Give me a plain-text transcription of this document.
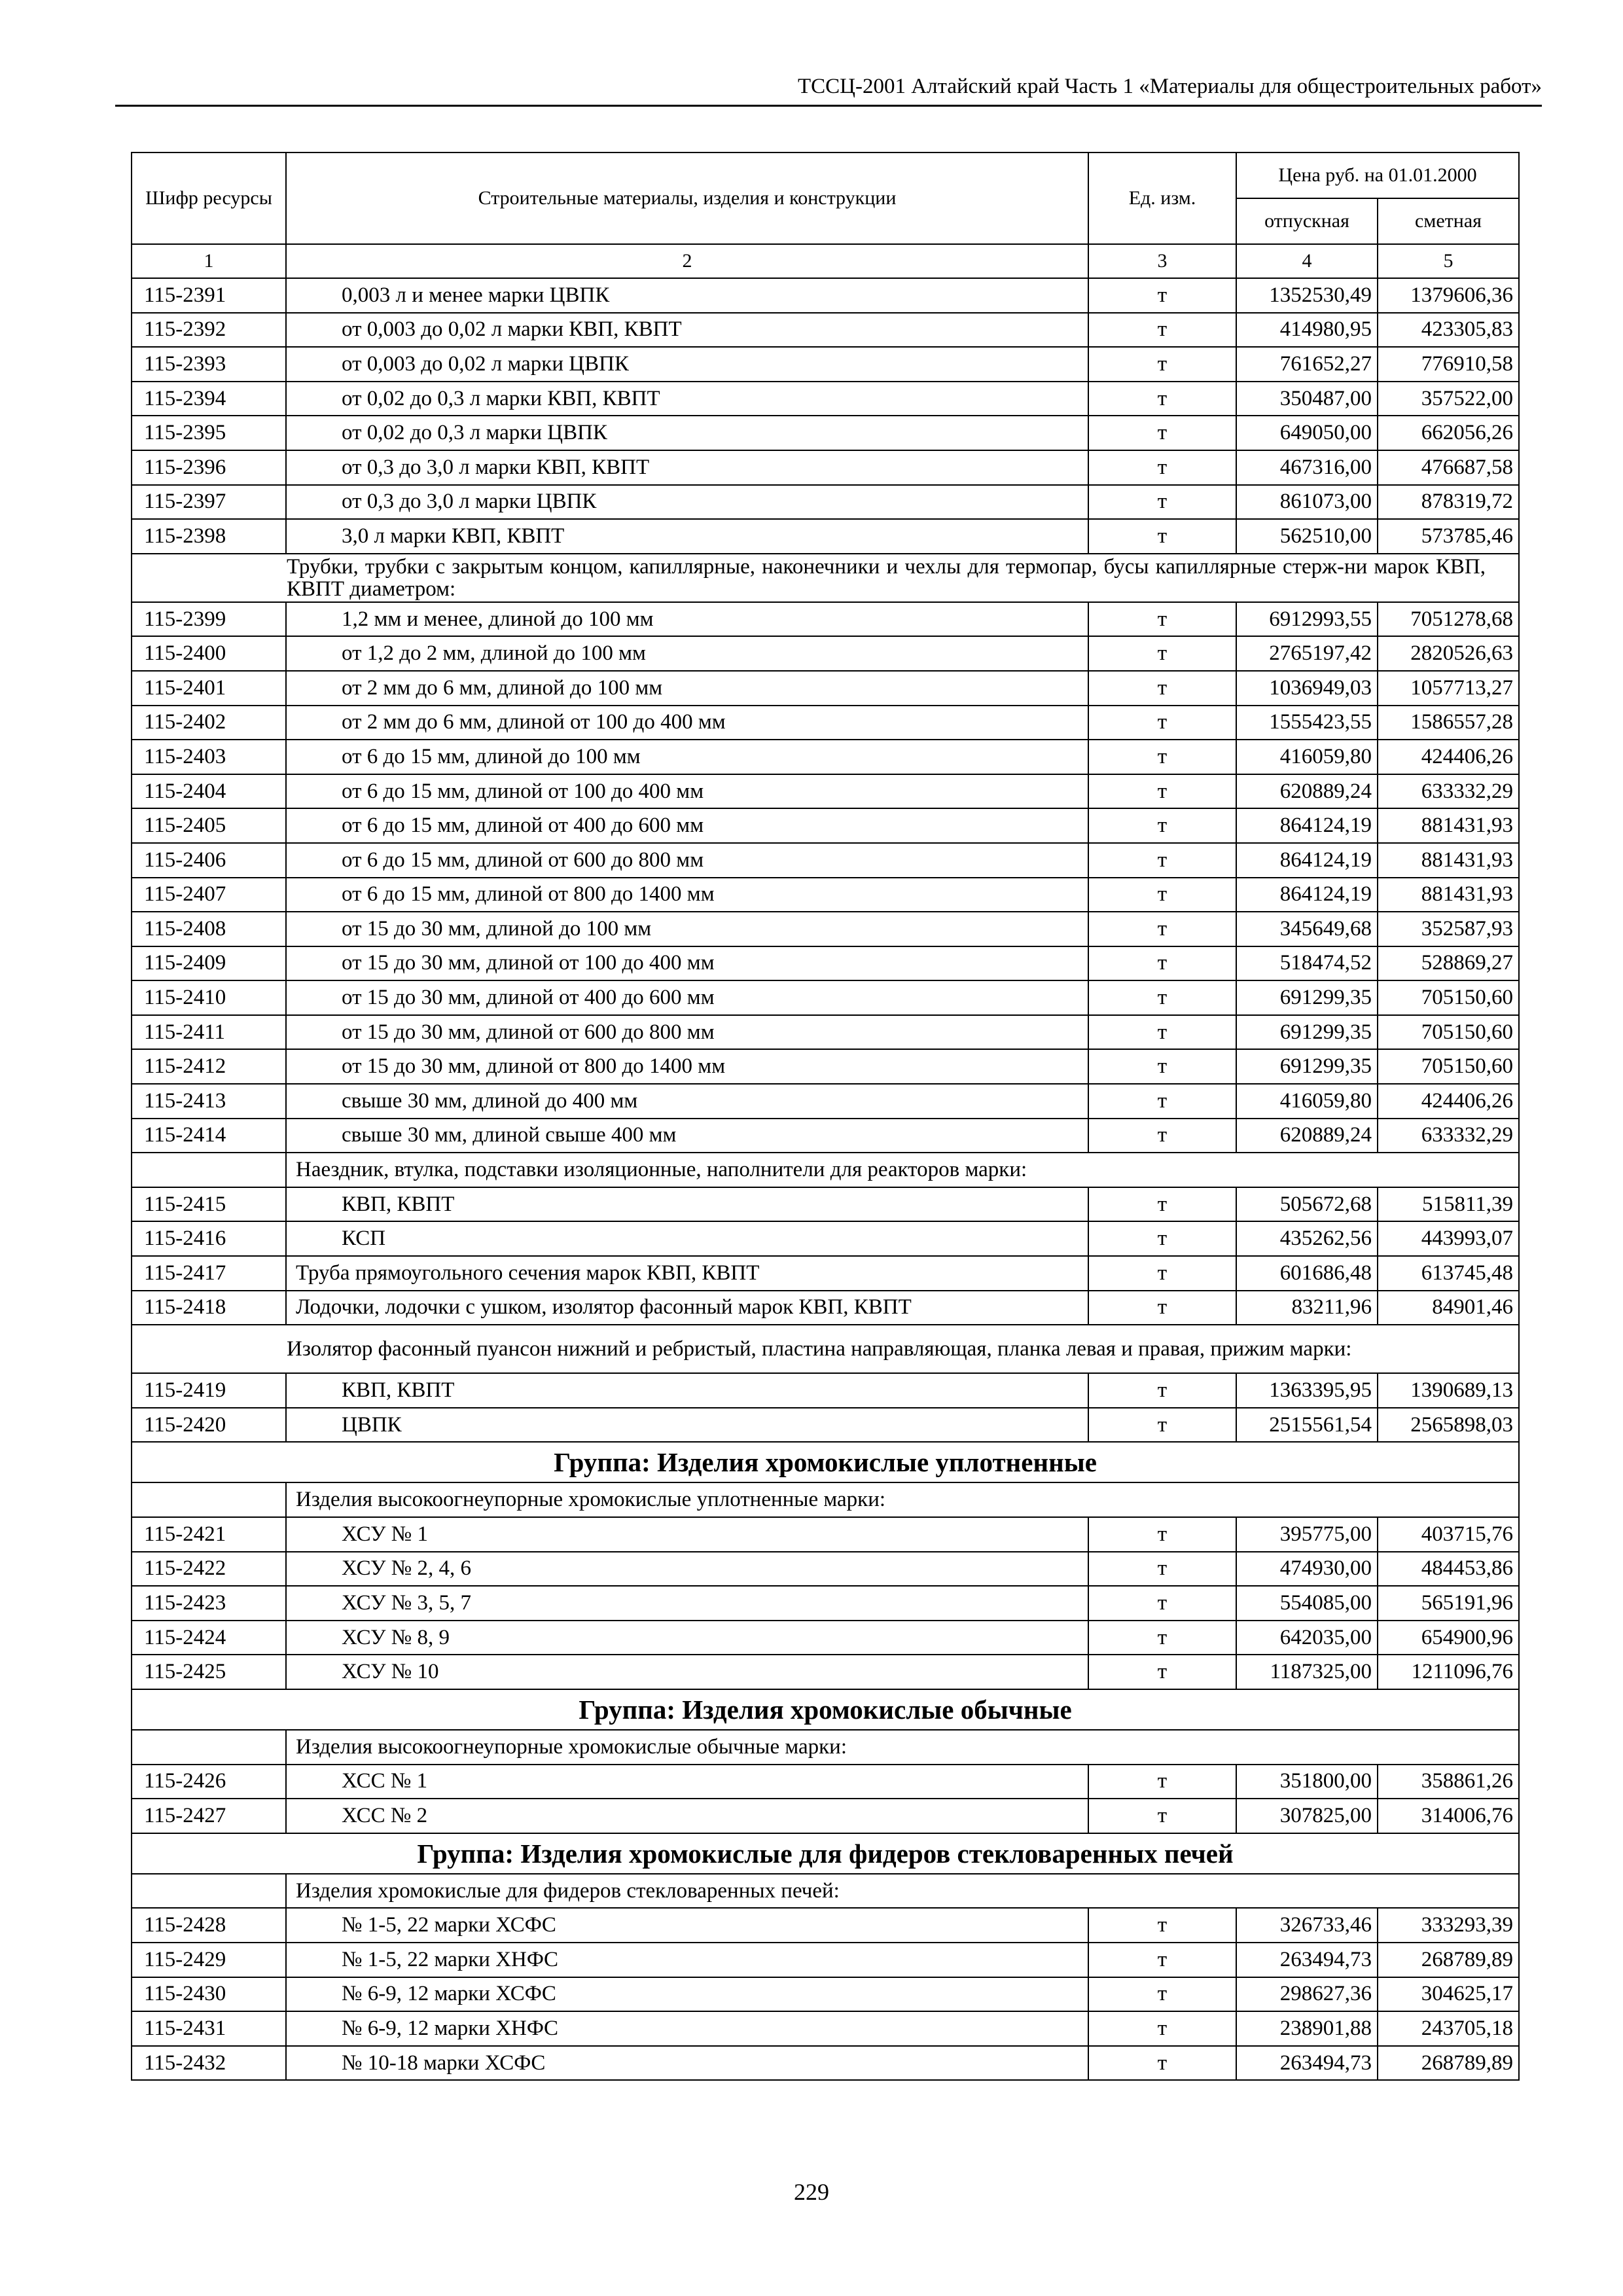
ТССЦ-2001 Алтайский край Часть 1 «Материалы для общестроительных работ»
Шифр ресурсы	Строительные материалы, изделия и конструкции	Ед. изм.	Цена руб. на 01.01.2000	
			отпускная	сметная
1	2	3	4	5
115-2391	0,003 л и менее марки ЦВПК	т	1352530,49	1379606,36
115-2392	от 0,003 до 0,02 л марки КВП, КВПТ	т	414980,95	423305,83
115-2393	от 0,003 до 0,02 л марки ЦВПК	т	761652,27	776910,58
115-2394	от 0,02 до 0,3 л марки КВП, КВПТ	т	350487,00	357522,00
115-2395	от 0,02 до 0,3 л марки ЦВПК	т	649050,00	662056,26
115-2396	от 0,3 до 3,0 л марки КВП, КВПТ	т	467316,00	476687,58
115-2397	от 0,3 до 3,0 л марки ЦВПК	т	861073,00	878319,72
115-2398	3,0 л марки КВП, КВПТ	т	562510,00	573785,46
Трубки, трубки с закрытым концом, капиллярные, наконечники и чехлы для термопар, бусы капиллярные стерж-ни марок КВП, КВПТ диаметром:				
115-2399	1,2 мм и менее, длиной до 100 мм	т	6912993,55	7051278,68
115-2400	от 1,2 до 2 мм, длиной до 100 мм	т	2765197,42	2820526,63
115-2401	от 2 мм до 6 мм, длиной до 100 мм	т	1036949,03	1057713,27
115-2402	от 2 мм до 6 мм, длиной от 100 до 400 мм	т	1555423,55	1586557,28
115-2403	от 6 до 15 мм, длиной до 100 мм	т	416059,80	424406,26
115-2404	от 6 до 15 мм, длиной от 100 до 400 мм	т	620889,24	633332,29
115-2405	от 6 до 15 мм, длиной от 400 до 600 мм	т	864124,19	881431,93
115-2406	от 6 до 15 мм, длиной от 600 до 800 мм	т	864124,19	881431,93
115-2407	от 6 до 15 мм, длиной от 800 до 1400 мм	т	864124,19	881431,93
115-2408	от 15 до 30 мм, длиной до 100 мм	т	345649,68	352587,93
115-2409	от 15 до 30 мм, длиной от 100 до 400 мм	т	518474,52	528869,27
115-2410	от 15 до 30 мм, длиной от 400 до 600 мм	т	691299,35	705150,60
115-2411	от 15 до 30 мм, длиной от 600 до 800 мм	т	691299,35	705150,60
115-2412	от 15 до 30 мм, длиной от 800 до 1400 мм	т	691299,35	705150,60
115-2413	свыше 30 мм, длиной до 400 мм	т	416059,80	424406,26
115-2414	свыше 30 мм, длиной свыше 400 мм	т	620889,24	633332,29
	Наездник, втулка, подставки изоляционные, наполнители для реакторов марки:			
115-2415	КВП, КВПТ	т	505672,68	515811,39
115-2416	КСП	т	435262,56	443993,07
115-2417	Труба прямоугольного сечения марок КВП, КВПТ	т	601686,48	613745,48
115-2418	Лодочки, лодочки с ушком, изолятор фасонный марок КВП, КВПТ	т	83211,96	84901,46
Изолятор фасонный пуансон нижний и ребристый, пластина направляющая, планка левая и правая, прижим марки:				
115-2419	КВП, КВПТ	т	1363395,95	1390689,13
115-2420	ЦВПК	т	2515561,54	2565898,03
Группа: Изделия хромокислые уплотненные				
	Изделия высокоогнеупорные хромокислые уплотненные марки:			
115-2421	ХСУ № 1	т	395775,00	403715,76
115-2422	ХСУ № 2, 4, 6	т	474930,00	484453,86
115-2423	ХСУ № 3, 5, 7	т	554085,00	565191,96
115-2424	ХСУ № 8, 9	т	642035,00	654900,96
115-2425	ХСУ № 10	т	1187325,00	1211096,76
Группа: Изделия хромокислые обычные				
	Изделия высокоогнеупорные хромокислые обычные марки:			
115-2426	ХСС № 1	т	351800,00	358861,26
115-2427	ХСС № 2	т	307825,00	314006,76
Группа: Изделия хромокислые для фидеров стекловаренных печей				
	Изделия хромокислые для фидеров стекловаренных печей:			
115-2428	№ 1-5, 22 марки ХСФС	т	326733,46	333293,39
115-2429	№ 1-5, 22 марки ХНФС	т	263494,73	268789,89
115-2430	№ 6-9, 12 марки ХСФС	т	298627,36	304625,17
115-2431	№ 6-9, 12 марки ХНФС	т	238901,88	243705,18
115-2432	№ 10-18 марки ХСФС	т	263494,73	268789,89
229
